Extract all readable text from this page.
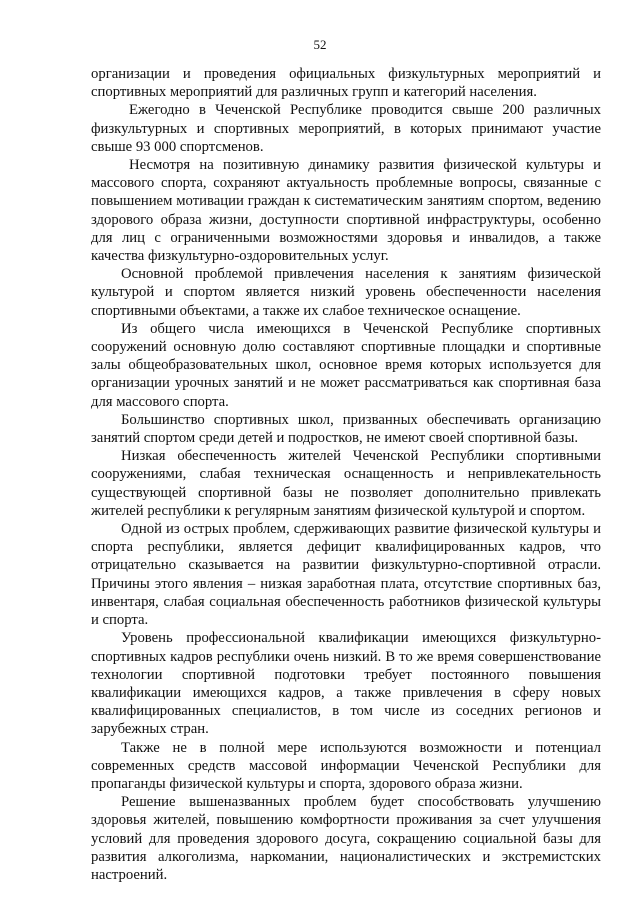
52

организации и проведения официальных физкультурных мероприятий и спортивных мероприятий для различных групп и категорий населения.

Ежегодно в Чеченской Республике проводится свыше 200 различных физкультурных и спортивных мероприятий, в которых принимают участие свыше 93 000 спортсменов.

Несмотря на позитивную динамику развития физической культуры и массового спорта, сохраняют актуальность проблемные вопросы, связанные с повышением мотивации граждан к систематическим занятиям спортом, ведению здорового образа жизни, доступности спортивной инфраструктуры, особенно для лиц с ограниченными возможностями здоровья и инвалидов, а также качества физкультурно-оздоровительных услуг.

Основной проблемой привлечения населения к занятиям физической культурой и спортом является низкий уровень обеспеченности населения спортивными объектами, а также их слабое техническое оснащение.

Из общего числа имеющихся в Чеченской Республике спортивных сооружений основную долю составляют спортивные площадки и спортивные залы общеобразовательных школ, основное время которых используется для организации урочных занятий и не может рассматриваться как спортивная база для массового спорта.

Большинство спортивных школ, призванных обеспечивать организацию занятий спортом среди детей и подростков, не имеют своей спортивной базы.

Низкая обеспеченность жителей Чеченской Республики спортивными сооружениями, слабая техническая оснащенность и непривлекательность существующей спортивной базы не позволяет дополнительно привлекать жителей республики к регулярным занятиям физической культурой и спортом.

Одной из острых проблем, сдерживающих развитие физической культуры и спорта республики, является дефицит квалифицированных кадров, что отрицательно сказывается на развитии физкультурно-спортивной отрасли. Причины этого явления – низкая заработная плата, отсутствие спортивных баз, инвентаря, слабая социальная обеспеченность работников физической культуры и спорта.

Уровень профессиональной квалификации имеющихся физкультурно-спортивных кадров республики очень низкий. В то же время совершенствование технологии спортивной подготовки требует постоянного повышения квалификации имеющихся кадров, а также привлечения в сферу новых квалифицированных специалистов, в том числе из соседних регионов и зарубежных стран.

Также не в полной мере используются возможности и потенциал современных средств массовой информации Чеченской Республики для пропаганды физической культуры и спорта, здорового образа жизни.

Решение вышеназванных проблем будет способствовать улучшению здоровья жителей, повышению комфортности проживания за счет улучшения условий для проведения здорового досуга, сокращению социальной базы для развития алкоголизма, наркомании, националистических и экстремистских настроений.
